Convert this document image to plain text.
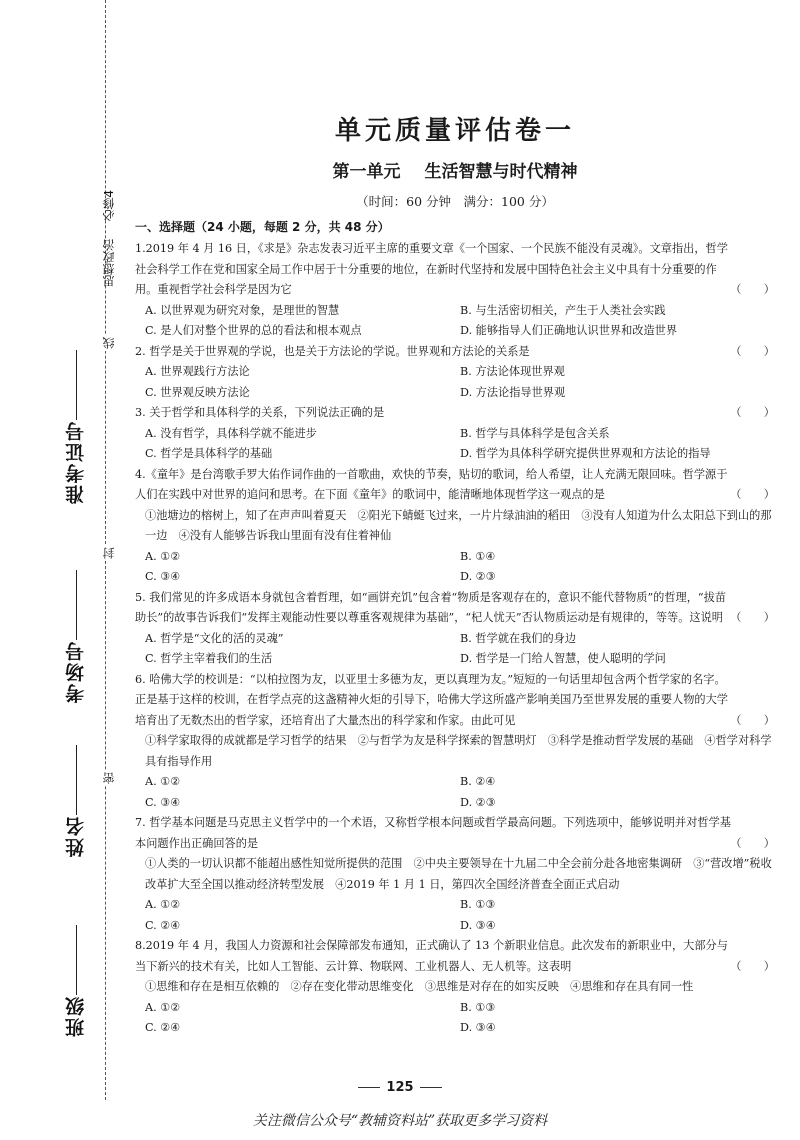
思想政治  必修4
准考证号
考场号
姓名
班级
线
封
密
单元质量评估卷一
第一单元 生活智慧与时代精神
（时间：60 分钟　满分：100 分）
一、选择题（24 小题，每题 2 分，共 48 分）
1.2019 年 4 月 16 日，《求是》杂志发表习近平主席的重要文章《一个国家、一个民族不能没有灵魂》。文章指出，哲学社会科学工作在党和国家全局工作中居于十分重要的地位，在新时代坚持和发展中国特色社会主义中具有十分重要的作用。重视哲学社会科学是因为它	（　　）
A. 以世界观为研究对象，是理世的智慧	B. 与生活密切相关，产生于人类社会实践
C. 是人们对整个世界的总的看法和根本观点	D. 能够指导人们正确地认识世界和改造世界
2. 哲学是关于世界观的学说，也是关于方法论的学说。世界观和方法论的关系是	（　　）
A. 世界观践行方法论	B. 方法论体现世界观
C. 世界观反映方法论	D. 方法论指导世界观
3. 关于哲学和具体科学的关系，下列说法正确的是	（　　）
A. 没有哲学，具体科学就不能进步	B. 哲学与具体科学是包含关系
C. 哲学是具体科学的基础	D. 哲学为具体科学研究提供世界观和方法论的指导
4.《童年》是台湾歌手罗大佑作词作曲的一首歌曲，欢快的节奏，贴切的歌词，给人希望，让人充满无限回味。哲学源于人们在实践中对世界的追问和思考。在下面《童年》的歌词中，能清晰地体现哲学这一观点的是	（　　）
①池塘边的榕树上，知了在声声叫着夏天　②阳光下蜻蜓飞过来，一片片绿油油的稻田　③没有人知道为什么太阳总下到山的那一边　④没有人能够告诉我山里面有没有住着神仙
A. ①②	B. ①④
C. ③④	D. ②③
5. 我们常见的许多成语本身就包含着哲理，如“画饼充饥”包含着“物质是客观存在的，意识不能代替物质”的哲理，“拔苗助长”的故事告诉我们“发挥主观能动性要以尊重客观规律为基础”，“杞人忧天”否认物质运动是有规律的，等等。这说明 （　　）
A. 哲学是“文化的活的灵魂”	B. 哲学就在我们的身边
C. 哲学主宰着我们的生活	D. 哲学是一门给人智慧，使人聪明的学问
6. 哈佛大学的校训是：“以柏拉图为友，以亚里士多德为友，更以真理为友。”短短的一句话里却包含两个哲学家的名字。正是基于这样的校训，在哲学点亮的这盏精神火炬的引导下，哈佛大学这所盛产影响美国乃至世界发展的重要人物的大学培育出了无数杰出的哲学家，还培育出了大量杰出的科学家和作家。由此可见	（　　）
①科学家取得的成就都是学习哲学的结果　②与哲学为友是科学探索的智慧明灯　③科学是推动哲学发展的基础　④哲学对科学具有指导作用
A. ①②	B. ②④
C. ③④	D. ②③
7. 哲学基本问题是马克思主义哲学中的一个术语，又称哲学根本问题或哲学最高问题。下列选项中，能够说明并对哲学基本问题作出正确回答的是	（　　）
①人类的一切认识都不能超出感性知觉所提供的范围　②中央主要领导在十九届二中全会前分赴各地密集调研　③“营改增”税收改革扩大至全国以推动经济转型发展　④2019 年 1 月 1 日，第四次全国经济普查全面正式启动
A. ①②	B. ①③
C. ②④	D. ③④
8.2019 年 4 月，我国人力资源和社会保障部发布通知，正式确认了 13 个新职业信息。此次发布的新职业中，大部分与当下新兴的技术有关，比如人工智能、云计算、物联网、工业机器人、无人机等。这表明	（　　）
①思维和存在是相互依赖的　②存在变化带动思维变化　③思维是对存在的如实反映　④思维和存在具有同一性
A. ①②	B. ①③
C. ②④	D. ③④
125
关注微信公众号“教辅资料站”获取更多学习资料
